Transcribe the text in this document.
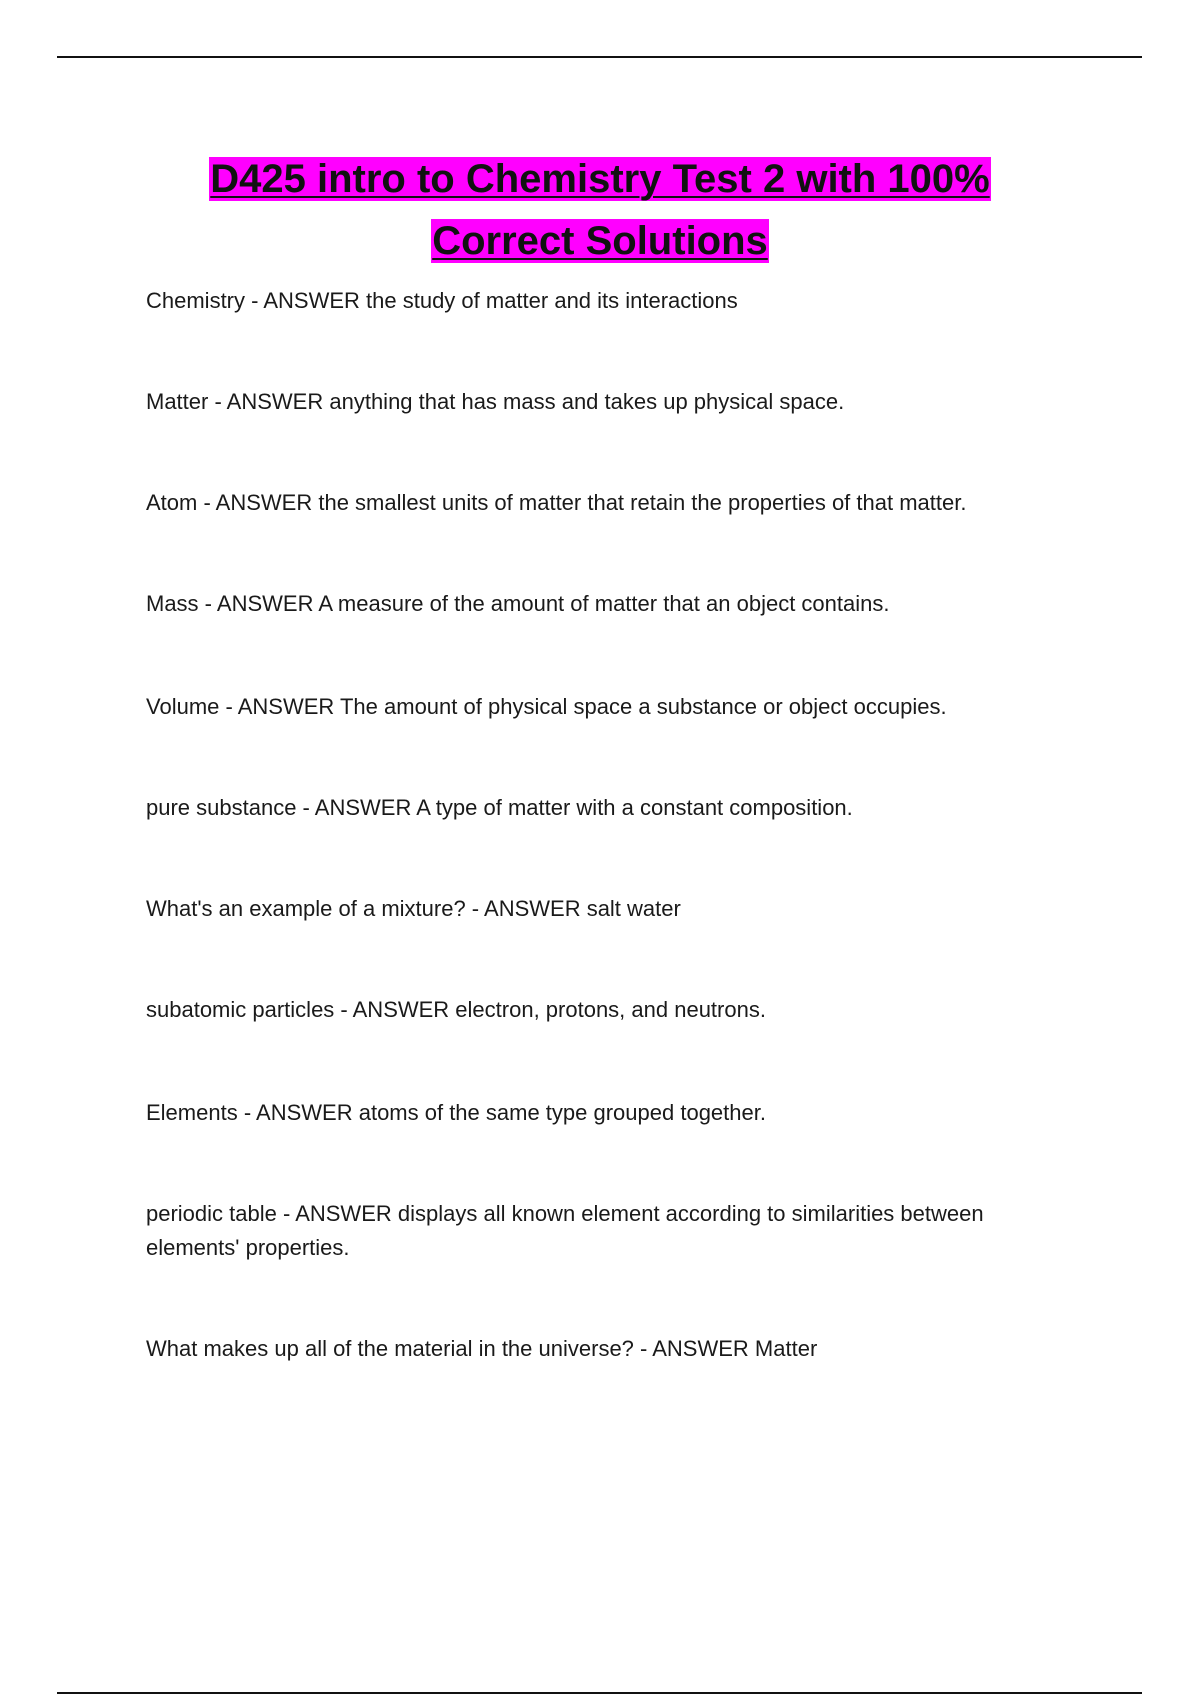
D425 intro to Chemistry Test 2 with 100%
Correct Solutions

Chemistry - ANSWER the study of matter and its interactions

Matter - ANSWER anything that has mass and takes up physical space.

Atom - ANSWER the smallest units of matter that retain the properties of that matter.

Mass - ANSWER A measure of the amount of matter that an object contains.

Volume - ANSWER The amount of physical space a substance or object occupies.

pure substance - ANSWER A type of matter with a constant composition.

What's an example of a mixture? - ANSWER salt water

subatomic particles - ANSWER electron, protons, and neutrons.

Elements - ANSWER atoms of the same type grouped together.

periodic table - ANSWER displays all known element according to similarities between elements' properties.

What makes up all of the material in the universe? - ANSWER Matter
